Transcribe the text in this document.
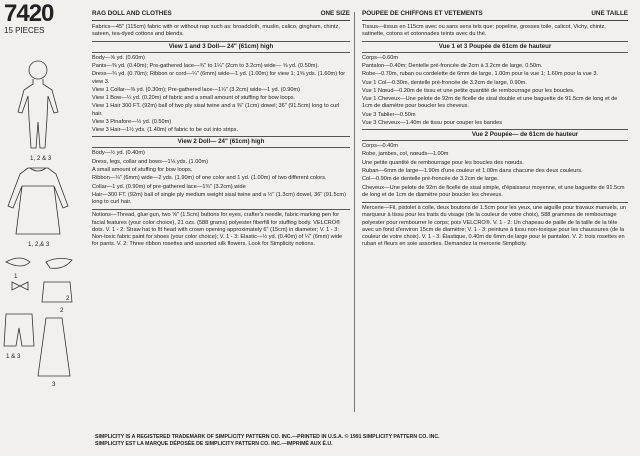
7420
15 PIECES
1, 2 & 3
1, 2,& 3
1
2
1 & 3
2
3
RAG DOLL AND CLOTHES	ONE SIZE

Fabrics—45" (115cm) fabric with or without nap such as: broadcloth, muslin, calico, gingham, chintz, sateen, tea-dyed cottons and blends.

View 1 and 3 Doll— 24" (61cm) high

Body—⅝ yd. (0.60m)

Pants—⅜ yd. (0.40m); Pre-gathered lace—¾" to 1¼" (2cm to 3.2cm) wide— ⅝ yd. (0.50m).

Dress—¾ yd. (0.70m); Ribbon or cord—¼" (6mm) wide—1 yd. (1.00m) for view 1; 1⅝ yds. (1.60m) for view 3.

View 1 Collar—⅜ yd. (0.30m); Pre-gathered lace—1¼" (3.2cm) wide—1 yd. (0.90m)

View 1 Bow—¼ yd. (0.20m) of fabric and a small amount of stuffing for bow loops.

View 1 Hair 300 FT. (92m) ball of two ply sisal twine and a ⅜" (1cm) dowel; 36" (91.5cm) long to curl hair.

View 3 Pinafore—½ yd. (0.50m)

View 3 Hair—1½ yds. (1.40m) of fabric to be cut into strips.

View 2 Doll— 24" (61cm) high

Body—½ yd. (0.40m)

Dress, legs, collar and bows—1⅛ yds. (1.00m)

A small amount of stuffing for bow loops.

Ribbon—¼" (6mm) wide—2 yds. (1.90m) of one color and 1 yd. (1.00m) of two different colors.

Collar—1 yd. (0.90m) of pre-gathered lace—1¾" (3.2cm) wide

Hair—300 FT. (92m) ball of single ply medium weight sisal twine and a ½" (1.3cm) dowel, 36" (91.5cm) long to curl hair.

Notions—Thread, glue gun, two ⅝" (1.5cm) buttons for eyes, crafter's needle, fabric marking pen for facial features (your color choice), 21 ozs. (588 grams) polyester fiberfill for stuffing body. VELCRO® dots. V. 1 - 2: Straw hat to fit head with crown opening approximately 6" (15cm) in diameter; V. 1 - 3: Non-toxic fabric paint for shoes (your color choice); V. 1 - 3: Elastic—½ yd. (0.40m) of ¼" (6mm) wide for pants. V. 2: Three ribbon rosettes and assorted silk flowers. Look for Simplicity notions.

POUPEE DE CHIFFONS ET VETEMENTS	UNE TAILLE

Tissus—tissus en 115cm avec ou sans sens tels que: popeline, grosses toile, calicot, Vichy, chintz, satinette, cotons et cotonnades teints avec du thé.

Vue 1 et 3 Poupée de 61cm de hauteur

Corps—0.60m

Pantalon—0.40m; Dentelle pré-froncée de 2cm à 3.2cm de large, 0.50m.

Robe—0.70m, ruban ou cordelette de 6mm de large, 1.00m pour la vue 1; 1.60m pour la vue 3.

Vue 1 Col—0.30m, dentelle pré-froncée de 3.2cm de large, 0.90m.

Vue 1 Nœud—0.20m de tissu et une petite quantité de rembourrage pour les boucles.

Vue 1 Cheveux—Une pelote de 92m de ficelle de sisal double et une baguette de 91.5cm de long et de 1cm de diamètre pour boucler les cheveux.

Vue 3 Tablier—0.50m

Vue 3 Cheveux—1.40m de tissu pour couper les bandes

Vue 2 Poupée— de 61cm de hauteur

Corps—0.40m

Robe, jambes, col, nœuds—1.00m

Une petite quantité de rembourrage pour les boucles des nœuds.

Ruban—6mm de large—1.90m d'une couleur et 1.00m dans chacune des deux couleurs.

Col—0.90m de dentelle pré-froncée de 3.2cm de large.

Cheveux—Une pelote de 92m de ficelle de sisal simple, d'épaisseur moyenne, et une baguette de 91.5cm de long et de 1cm de diamètre pour boucler les cheveux.

Mercerie—Fil, pistolet à colle, deux boutons de 1.5cm pour les yeux, une aiguille pour travaux manuels, un marqueur à tissu pour les traits du visage (de la couleur de votre choix), 588 grammes de rembourrage polyester pour rembourrer le corps; pois VELCRO®. V. 1 - 2: Un chapeau de paille de la taille de la tête avec un fond d'environ 15cm de diamètre; V. 1 - 3: peinture à tissu non-toxique pour les chaussures (de la couleur de votre choix). V. 1 - 3: Élastique, 0.40m de 6mm de large pour le pantalon. V. 2: trois rosettes en ruban et fleurs en soie assorties. Demandez la mercerie Simplicity.

SIMPLICITY IS A REGISTERED TRADEMARK OF SIMPLICITY PATTERN CO. INC.—PRINTED IN U.S.A. © 1991 SIMPLICITY PATTERN CO. INC.
SIMPLICITY EST LA MARQUE DÉPOSÉE DE SIMPLICITY PATTERN CO. INC.—IMPRIMÉ AUX É.U.
